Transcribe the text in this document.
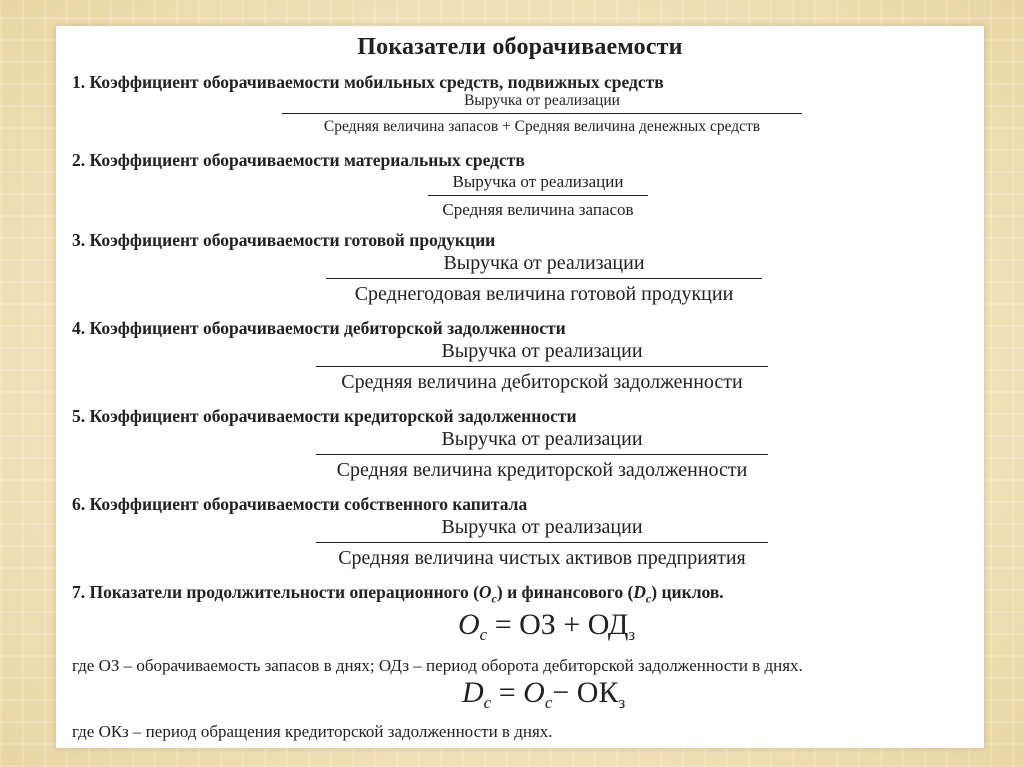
Показатели оборачиваемости
1. Коэффициент оборачиваемости мобильных средств, подвижных средств
Выручка от реализации
Средняя величина запасов + Средняя величина денежных средств
2. Коэффициент оборачиваемости материальных средств
Выручка от реализации
Средняя величина запасов
3. Коэффициент оборачиваемости готовой продукции
Выручка от реализации
Среднегодовая величина готовой продукции
4. Коэффициент оборачиваемости дебиторской задолженности
Выручка от реализации
Средняя величина дебиторской задолженности
5. Коэффициент оборачиваемости кредиторской задолженности
Выручка от реализации
Средняя величина кредиторской задолженности
6. Коэффициент оборачиваемости собственного капитала
Выручка от реализации
Средняя величина чистых активов предприятия
7. Показатели продолжительности операционного $(О_с)$ и финансового $(D_с)$ циклов.
$O_c$ = ОЗ + $ОД_з$
где ОЗ – оборачиваемость запасов в днях; ОДз – период оборота дебиторской задолженности в днях.
$D_c = O_c- ОК_з$
где ОКз – период обращения кредиторской задолженности в днях.
